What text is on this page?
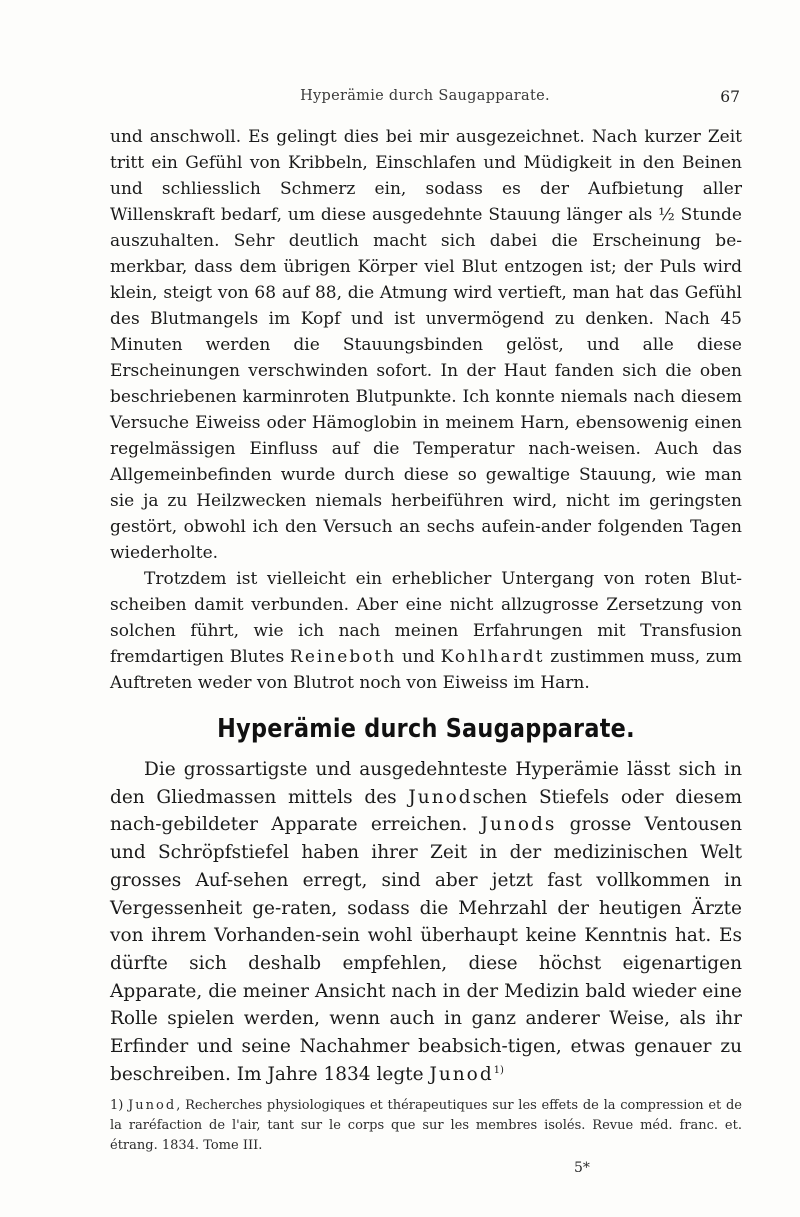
Hyperämie durch Saugapparate.	67

und anschwoll. Es gelingt dies bei mir ausgezeichnet. Nach kurzer Zeit tritt ein Gefühl von Kribbeln, Einschlafen und Müdigkeit in den Beinen und schliesslich Schmerz ein, sodass es der Aufbietung aller Willenskraft bedarf, um diese ausgedehnte Stauung länger als ½ Stunde auszuhalten. Sehr deutlich macht sich dabei die Erscheinung be-merkbar, dass dem übrigen Körper viel Blut entzogen ist; der Puls wird klein, steigt von 68 auf 88, die Atmung wird vertieft, man hat das Gefühl des Blutmangels im Kopf und ist unvermögend zu denken. Nach 45 Minuten werden die Stauungsbinden gelöst, und alle diese Erscheinungen verschwinden sofort. In der Haut fanden sich die oben beschriebenen karminroten Blutpunkte. Ich konnte niemals nach diesem Versuche Eiweiss oder Hämoglobin in meinem Harn, ebensowenig einen regelmässigen Einfluss auf die Temperatur nach-weisen. Auch das Allgemeinbefinden wurde durch diese so gewaltige Stauung, wie man sie ja zu Heilzwecken niemals herbeiführen wird, nicht im geringsten gestört, obwohl ich den Versuch an sechs aufein-ander folgenden Tagen wiederholte.

Trotzdem ist vielleicht ein erheblicher Untergang von roten Blut-scheiben damit verbunden. Aber eine nicht allzugrosse Zersetzung von solchen führt, wie ich nach meinen Erfahrungen mit Transfusion fremdartigen Blutes Reineboth und Kohlhardt zustimmen muss, zum Auftreten weder von Blutrot noch von Eiweiss im Harn.

Hyperämie durch Saugapparate.

Die grossartigste und ausgedehnteste Hyperämie lässt sich in den Gliedmassen mittels des Junodschen Stiefels oder diesem nach-gebildeter Apparate erreichen. Junods grosse Ventousen und Schröpfstiefel haben ihrer Zeit in der medizinischen Welt grosses Auf-sehen erregt, sind aber jetzt fast vollkommen in Vergessenheit ge-raten, sodass die Mehrzahl der heutigen Ärzte von ihrem Vorhanden-sein wohl überhaupt keine Kenntnis hat. Es dürfte sich deshalb empfehlen, diese höchst eigenartigen Apparate, die meiner Ansicht nach in der Medizin bald wieder eine Rolle spielen werden, wenn auch in ganz anderer Weise, als ihr Erfinder und seine Nachahmer beabsich-tigen, etwas genauer zu beschreiben. Im Jahre 1834 legte Junod$^{1)}$

1) Junod, Recherches physiologiques et thérapeutiques sur les effets de la compression et de la raréfaction de l'air, tant sur le corps que sur les membres isolés. Revue méd. franc. et. étrang. 1834. Tome III.

5*
